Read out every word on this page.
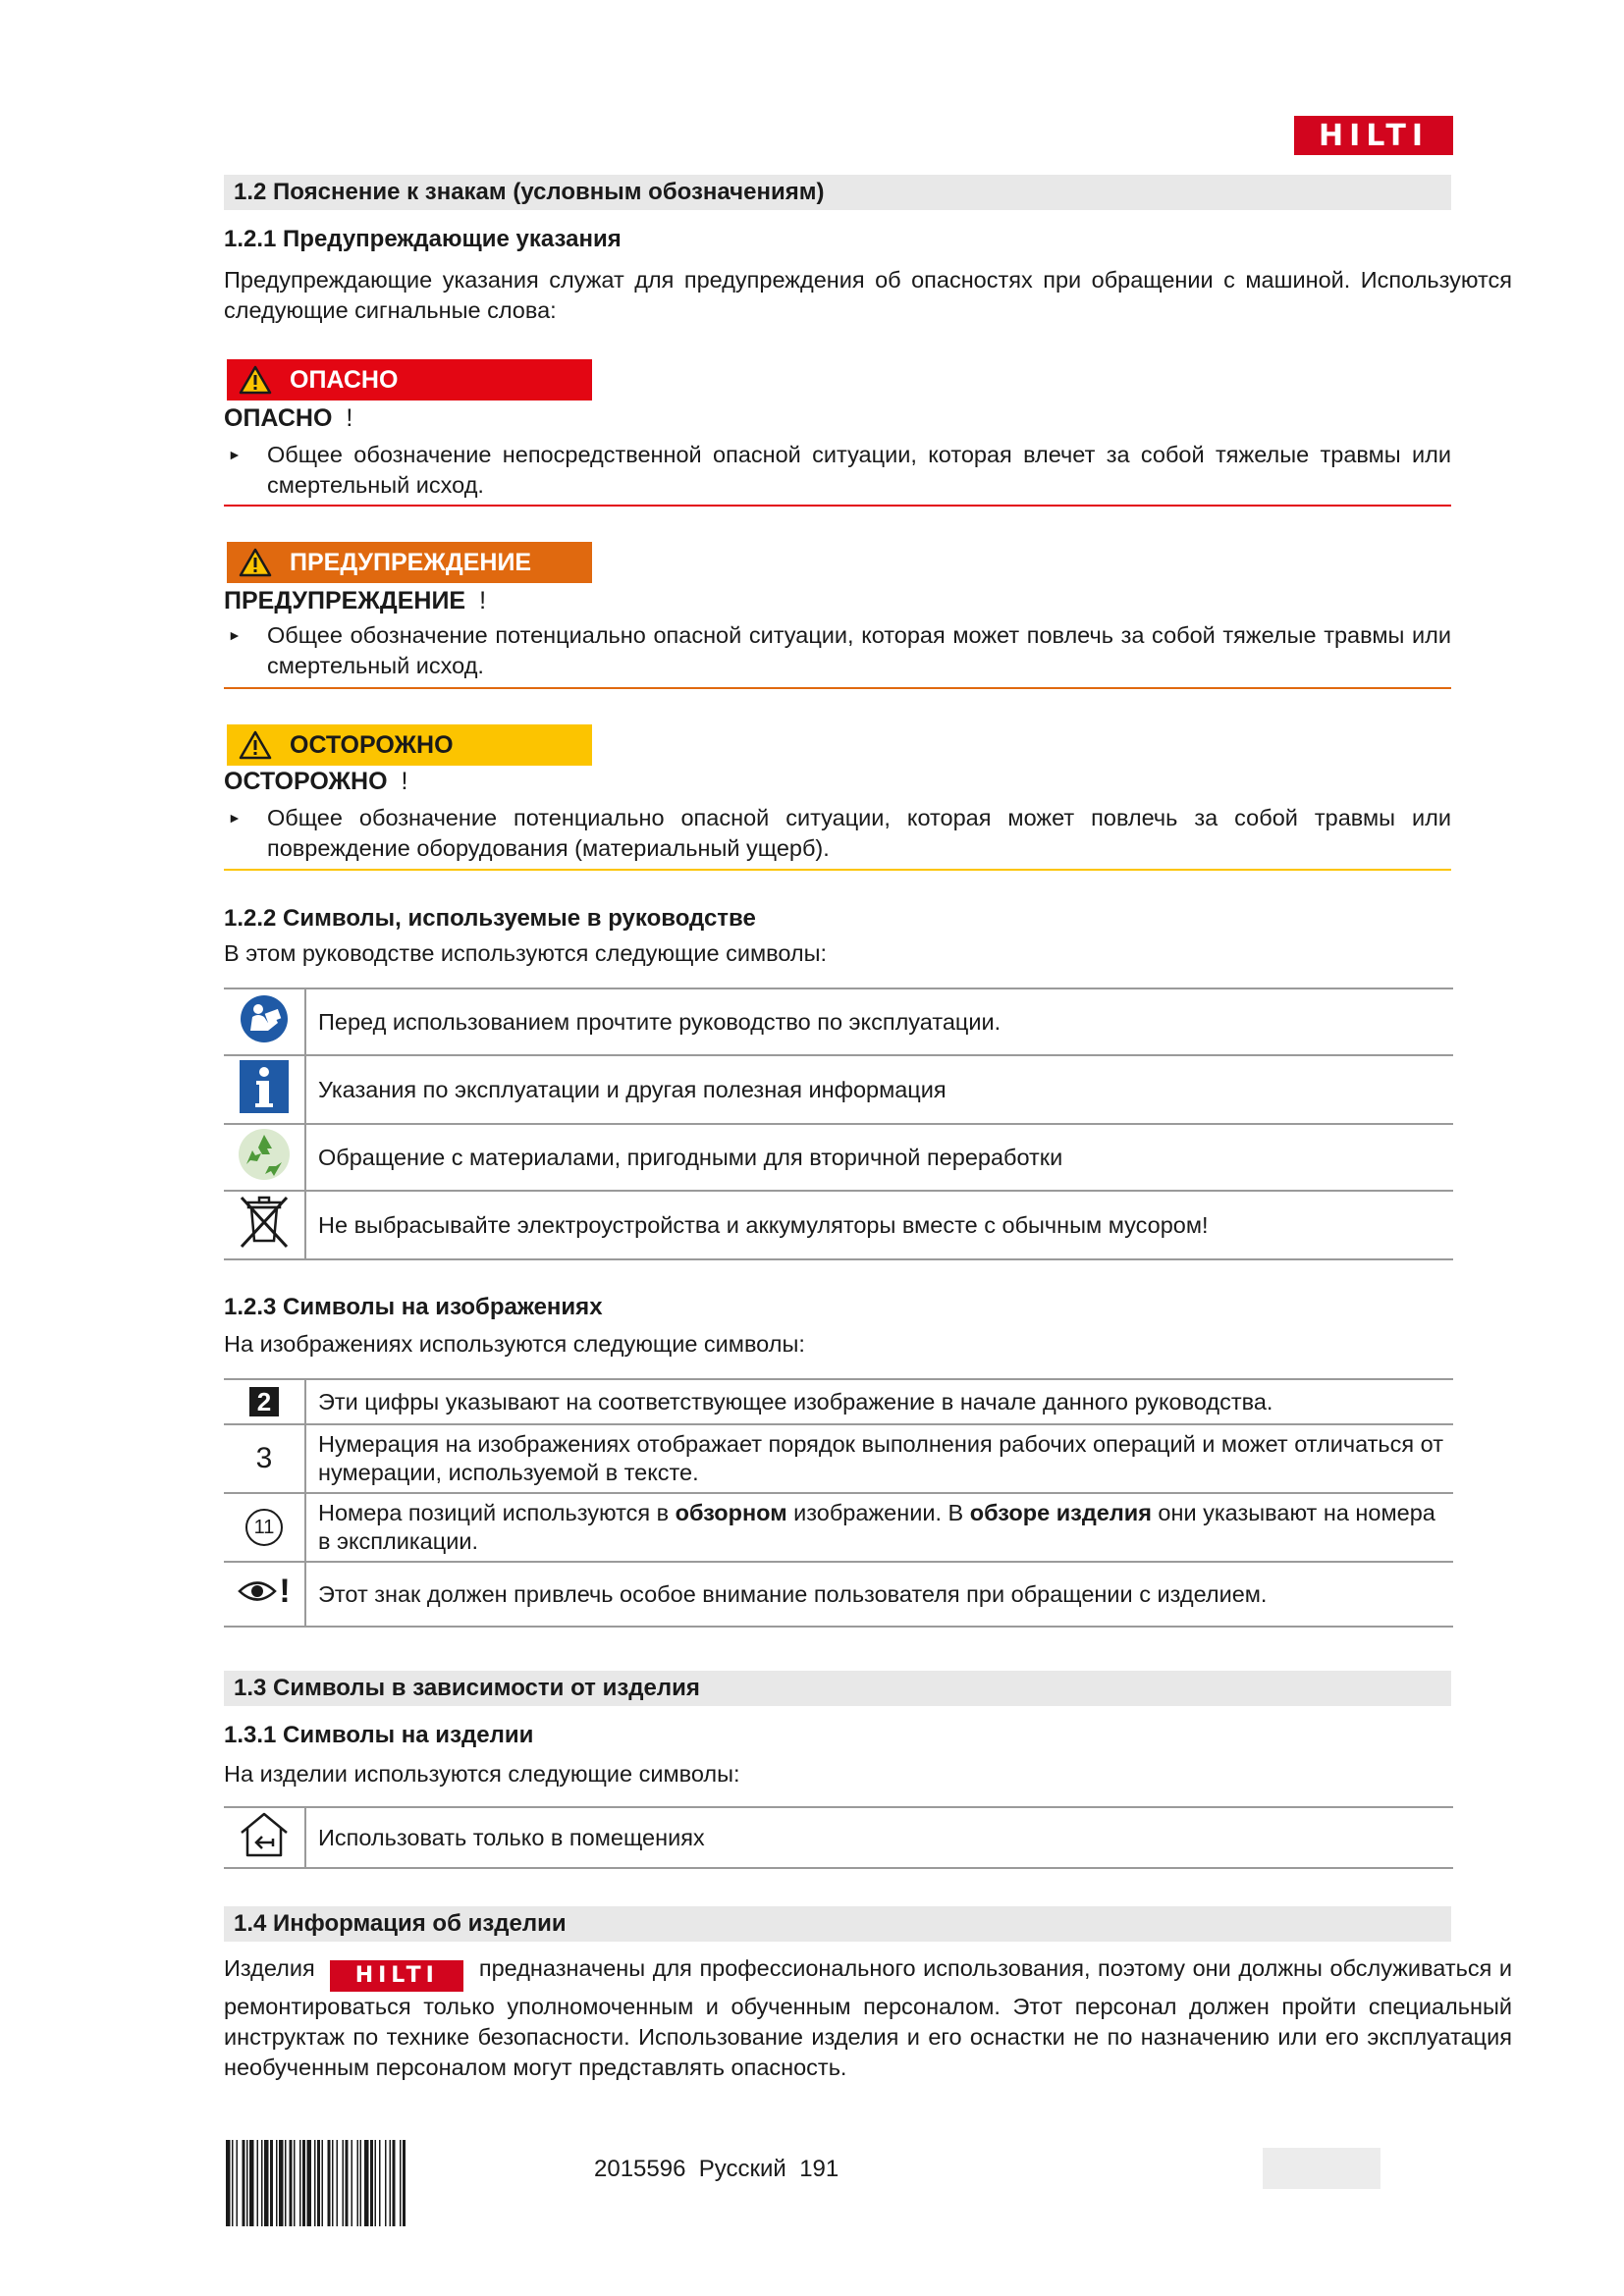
HILTI
1.2 Пояснение к знакам (условным обозначениям)
1.2.1 Предупреждающие указания
Предупреждающие указания служат для предупреждения об опасностях при обращении с машиной. Используются следующие сигнальные слова:
ОПАСНО
ОПАСНО !
► Общее обозначение непосредственной опасной ситуации, которая влечет за собой тяжелые травмы или смертельный исход.
ПРЕДУПРЕЖДЕНИЕ
ПРЕДУПРЕЖДЕНИЕ !
► Общее обозначение потенциально опасной ситуации, которая может повлечь за собой тяжелые травмы или смертельный исход.
ОСТОРОЖНО
ОСТОРОЖНО !
► Общее обозначение потенциально опасной ситуации, которая может повлечь за собой травмы или повреждение оборудования (материальный ущерб).
1.2.2 Символы, используемые в руководстве
В этом руководстве используются следующие символы:
	Перед использованием прочтите руководство по эксплуатации.
	Указания по эксплуатации и другая полезная информация
	Обращение с материалами, пригодными для вторичной переработки
	Не выбрасывайте электроустройства и аккумуляторы вместе с обычным мусором!
1.2.3 Символы на изображениях
На изображениях используются следующие символы:
2	Эти цифры указывают на соответствующее изображение в начале данного руководства.
3	Нумерация на изображениях отображает порядок выполнения рабочих операций и может отличаться от нумерации, используемой в тексте.
11	Номера позиций используются в обзорном изображении. В обзоре изделия они указывают на номера в экспликации.

!	Этот знак должен привлечь особое внимание пользователя при обращении с изделием.
1.3 Символы в зависимости от изделия
1.3.1 Символы на изделии
На изделии используются следующие символы:
	Использовать только в помещениях
1.4 Информация об изделии
Изделия HILTI предназначены для профессионального использования, поэтому они должны обслуживаться и ремонтироваться только уполномоченным и обученным персоналом. Этот персонал должен пройти специальный инструктаж по технике безопасности. Использование изделия и его оснастки не по назначению или его эксплуатация необученным персоналом могут представлять опасность.
2015596 Русский 191
